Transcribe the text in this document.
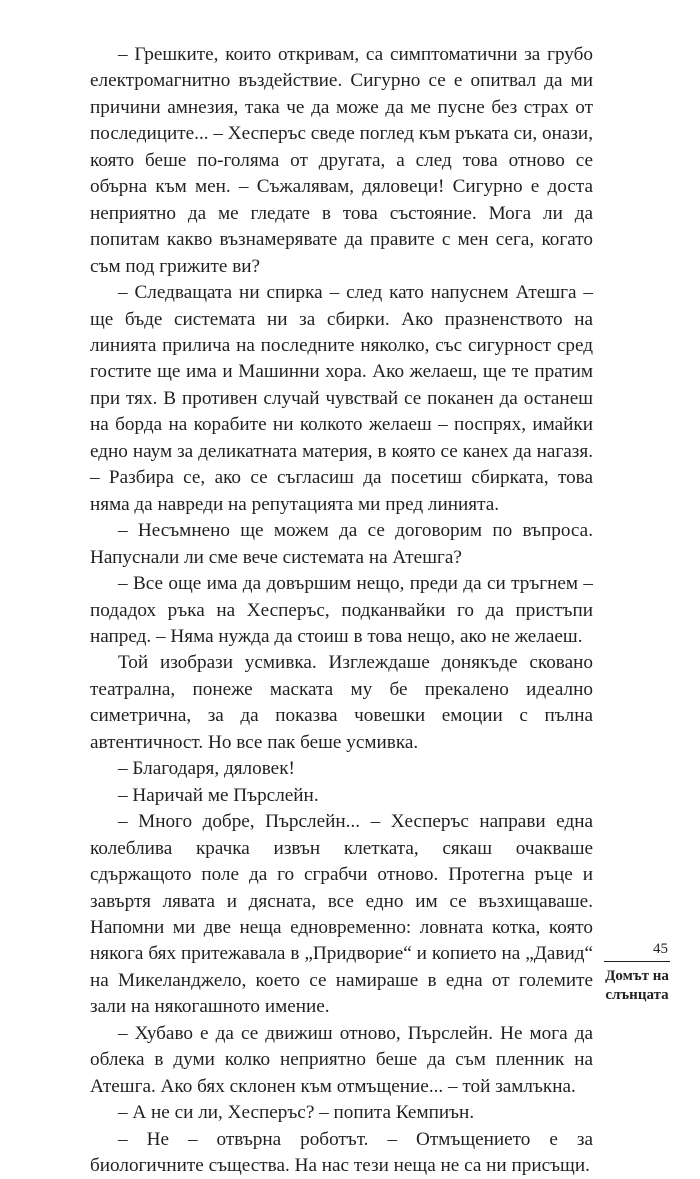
– Грешките, които откривам, са симптоматични за грубо електромагнитно въздействие. Сигурно се е опитвал да ми причини амнезия, така че да може да ме пусне без страх от последиците... – Хесперъс сведе поглед към ръката си, онази, която беше по-голяма от другата, а след това отново се обърна към мен. – Съжалявам, дяловеци! Сигурно е доста неприятно да ме гледате в това състояние. Мога ли да попитам какво възнамерявате да правите с мен сега, когато съм под грижите ви?

– Следващата ни спирка – след като напуснем Атешга – ще бъде системата ни за сбирки. Ако празненството на линията прилича на последните няколко, със сигурност сред гостите ще има и Машинни хора. Ако желаеш, ще те пратим при тях. В противен случай чувствай се поканен да останеш на борда на корабите ни колкото желаеш – поспрях, имайки едно наум за деликатната материя, в която се канех да нагазя. – Разбира се, ако се съгласиш да посетиш сбирката, това няма да навреди на репутацията ми пред линията.

– Несъмнено ще можем да се договорим по въпроса. Напуснали ли сме вече системата на Атешга?

– Все още има да довършим нещо, преди да си тръгнем – подадох ръка на Хесперъс, подканвайки го да пристъпи напред. – Няма нужда да стоиш в това нещо, ако не желаеш.

Той изобрази усмивка. Изглеждаше донякъде сковано театрална, понеже маската му бе прекалено идеално симетрична, за да показва човешки емоции с пълна автентичност. Но все пак беше усмивка.

– Благодаря, дяловек!

– Наричай ме Пърслейн.

– Много добре, Пърслейн... – Хесперъс направи една колеблива крачка извън клетката, сякаш очакваше сдържащото поле да го сграбчи отново. Протегна ръце и завъртя лявата и дясната, все едно им се възхищаваше. Напомни ми две неща едновременно: ловната котка, която някога бях притежавала в „Придворие“ и копието на „Давид“ на Микеланджело, което се намираше в една от големите зали на някогашното имение.

– Хубаво е да се движиш отново, Пърслейн. Не мога да облека в думи колко неприятно беше да съм пленник на Атешга. Ако бях склонен към отмъщение... – той замлъкна.

– А не си ли, Хесперъс? – попита Кемпиън.

– Не – отвърна роботът. – Отмъщението е за биологичните същества. На нас тези неща не са ни присъщи.

45
Домът на слънцата
